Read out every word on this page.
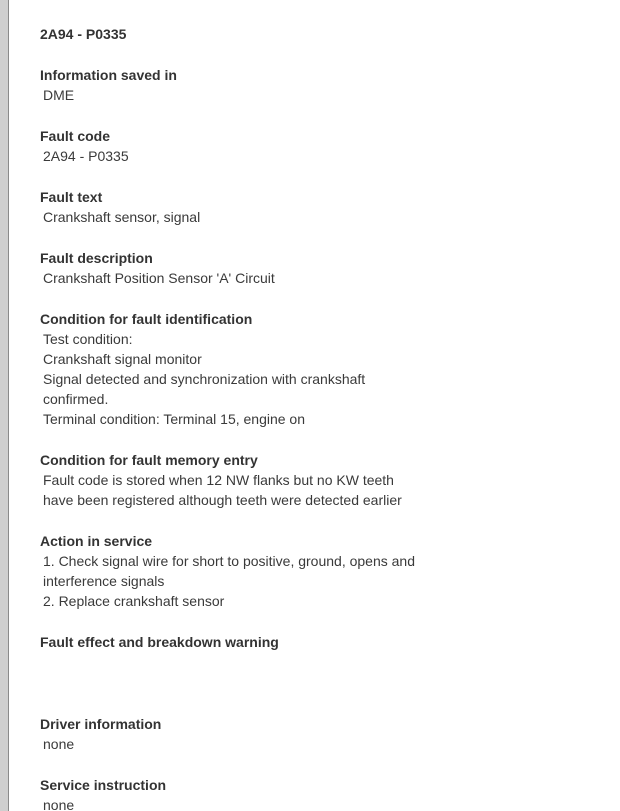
2A94 - P0335
Information saved in
DME
Fault code
2A94 - P0335
Fault text
Crankshaft sensor, signal
Fault description
Crankshaft Position Sensor 'A' Circuit
Condition for fault identification
Test condition:
Crankshaft signal monitor
Signal detected and synchronization with crankshaft
confirmed.
Terminal condition: Terminal 15, engine on
Condition for fault memory entry
Fault code is stored when 12 NW flanks but no KW teeth
have been registered although teeth were detected earlier
Action in service
1. Check signal wire for short to positive, ground, opens and
interference signals
2. Replace crankshaft sensor
Fault effect and breakdown warning
Driver information
none
Service instruction
none
